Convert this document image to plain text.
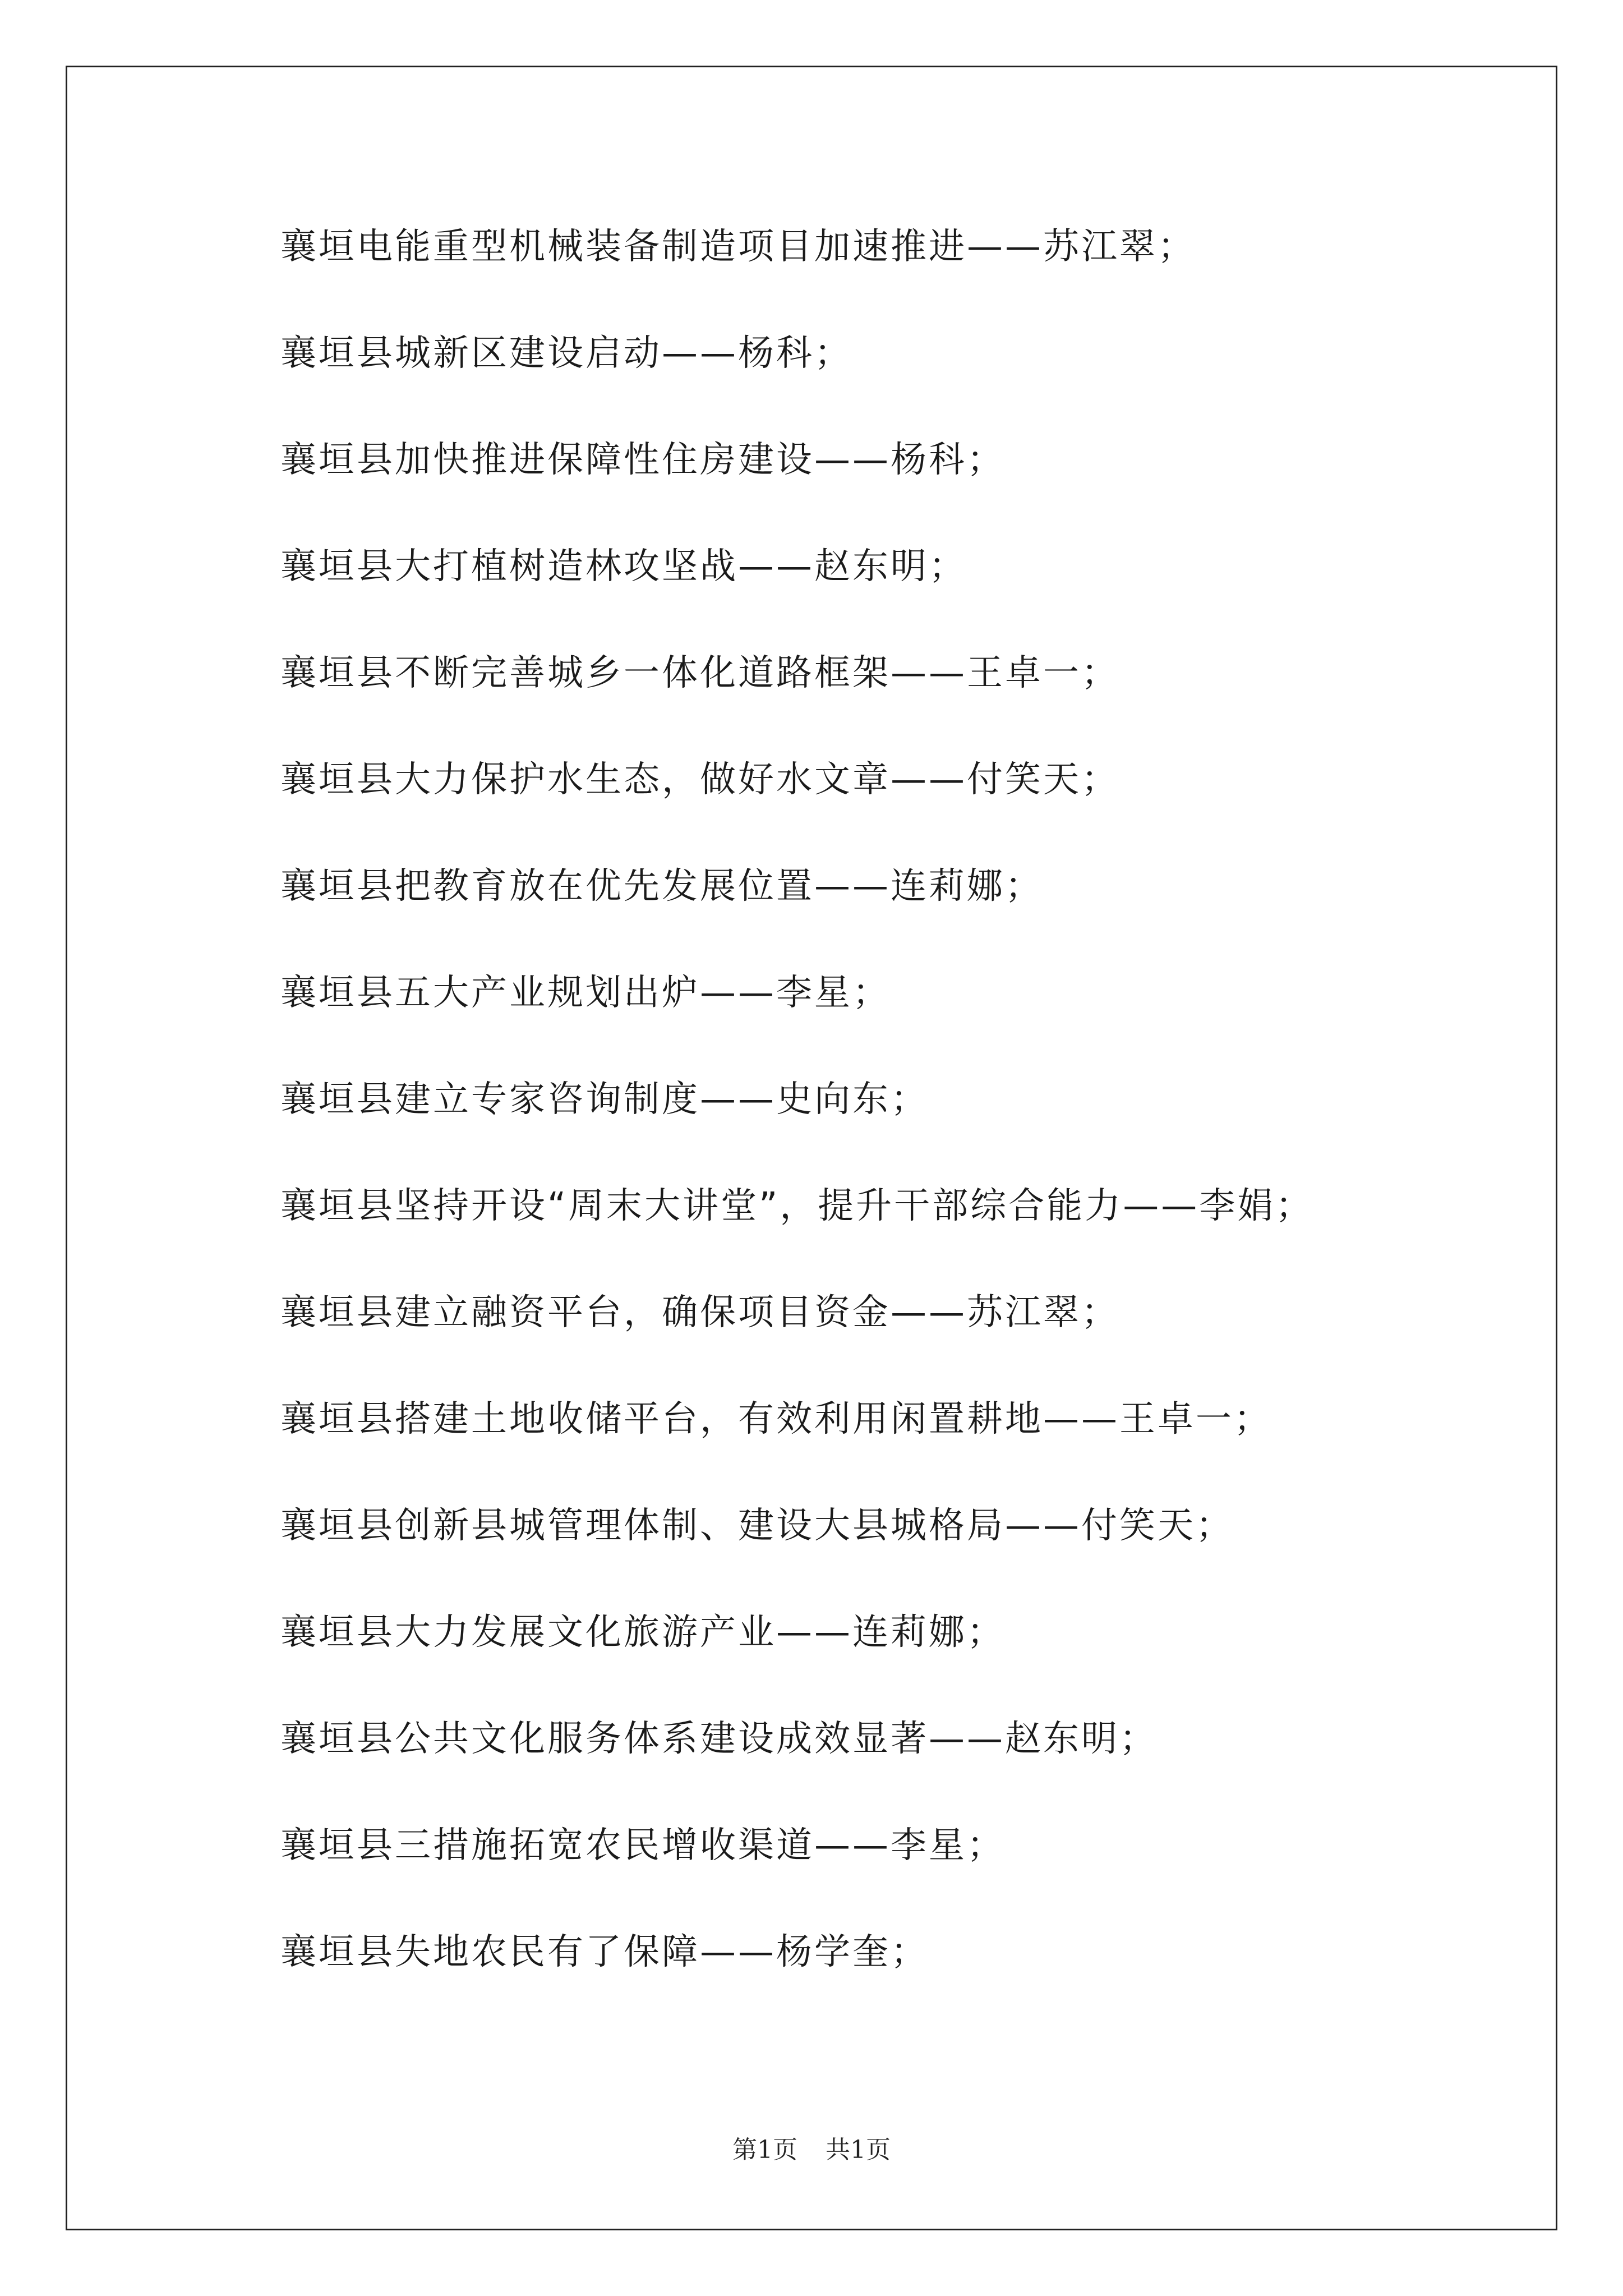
襄垣电能重型机械装备制造项目加速推进——苏江翠；
襄垣县城新区建设启动——杨科；
襄垣县加快推进保障性住房建设——杨科；
襄垣县大打植树造林攻坚战——赵东明；
襄垣县不断完善城乡一体化道路框架——王卓一；
襄垣县大力保护水生态，做好水文章——付笑天；
襄垣县把教育放在优先发展位置——连莉娜；
襄垣县五大产业规划出炉——李星；
襄垣县建立专家咨询制度——史向东；
襄垣县坚持开设“周末大讲堂”，提升干部综合能力——李娟；
襄垣县建立融资平台，确保项目资金——苏江翠；
襄垣县搭建土地收储平台，有效利用闲置耕地——王卓一；
襄垣县创新县城管理体制、建设大县城格局——付笑天；
襄垣县大力发展文化旅游产业——连莉娜；
襄垣县公共文化服务体系建设成效显著——赵东明；
襄垣县三措施拓宽农民增收渠道——李星；
襄垣县失地农民有了保障——杨学奎；
第1页 共1页
